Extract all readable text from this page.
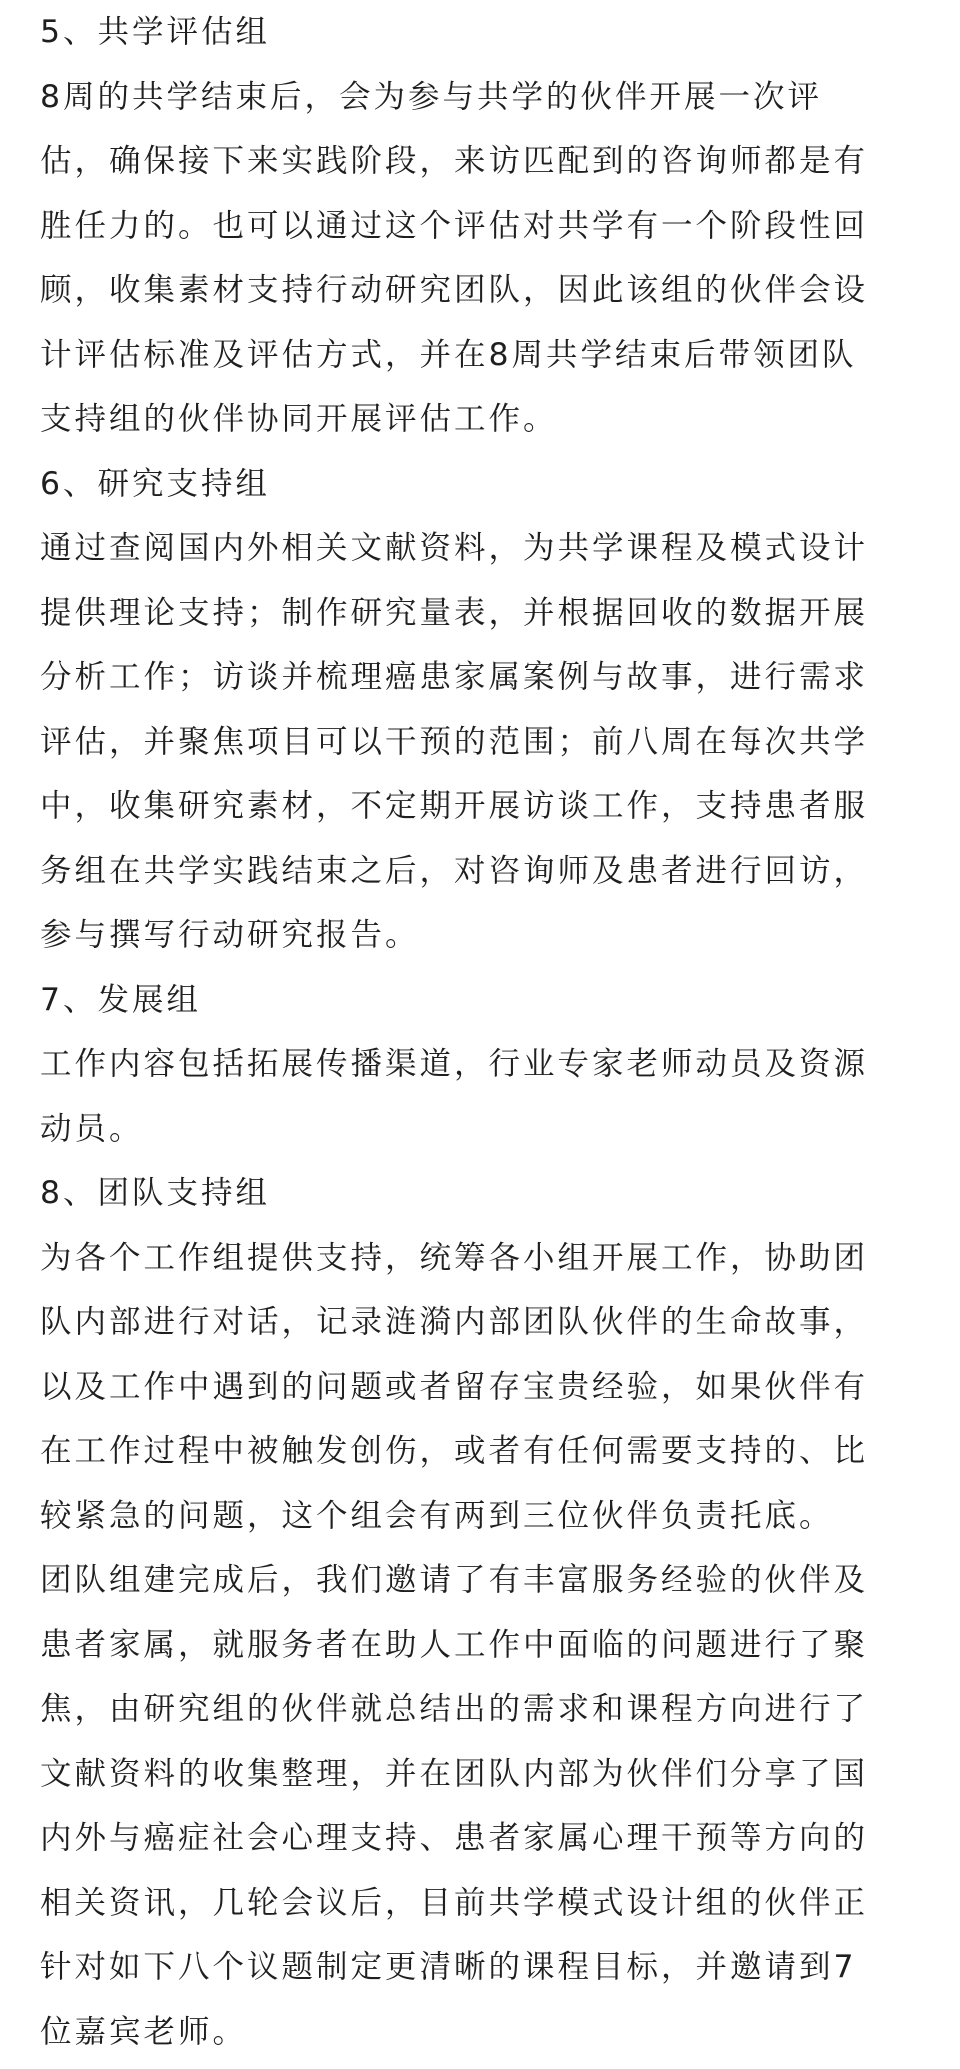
5、共学评估组

8周的共学结束后，会为参与共学的伙伴开展一次评
估，确保接下来实践阶段，来访匹配到的咨询师都是有
胜任力的。也可以通过这个评估对共学有一个阶段性回
顾，收集素材支持行动研究团队，因此该组的伙伴会设
计评估标准及评估方式，并在8周共学结束后带领团队
支持组的伙伴协同开展评估工作。

6、研究支持组

通过查阅国内外相关文献资料，为共学课程及模式设计
提供理论支持；制作研究量表，并根据回收的数据开展
分析工作；访谈并梳理癌患家属案例与故事，进行需求
评估，并聚焦项目可以干预的范围；前八周在每次共学
中，收集研究素材，不定期开展访谈工作，支持患者服
务组在共学实践结束之后，对咨询师及患者进行回访，
参与撰写行动研究报告。

7、发展组

工作内容包括拓展传播渠道，行业专家老师动员及资源
动员。

8、团队支持组

为各个工作组提供支持，统筹各小组开展工作，协助团
队内部进行对话，记录涟漪内部团队伙伴的生命故事，
以及工作中遇到的问题或者留存宝贵经验，如果伙伴有
在工作过程中被触发创伤，或者有任何需要支持的、比
较紧急的问题，这个组会有两到三位伙伴负责托底。

团队组建完成后，我们邀请了有丰富服务经验的伙伴及
患者家属，就服务者在助人工作中面临的问题进行了聚
焦，由研究组的伙伴就总结出的需求和课程方向进行了
文献资料的收集整理，并在团队内部为伙伴们分享了国
内外与癌症社会心理支持、患者家属心理干预等方向的
相关资讯，几轮会议后，目前共学模式设计组的伙伴正
针对如下八个议题制定更清晰的课程目标，并邀请到7
位嘉宾老师。
